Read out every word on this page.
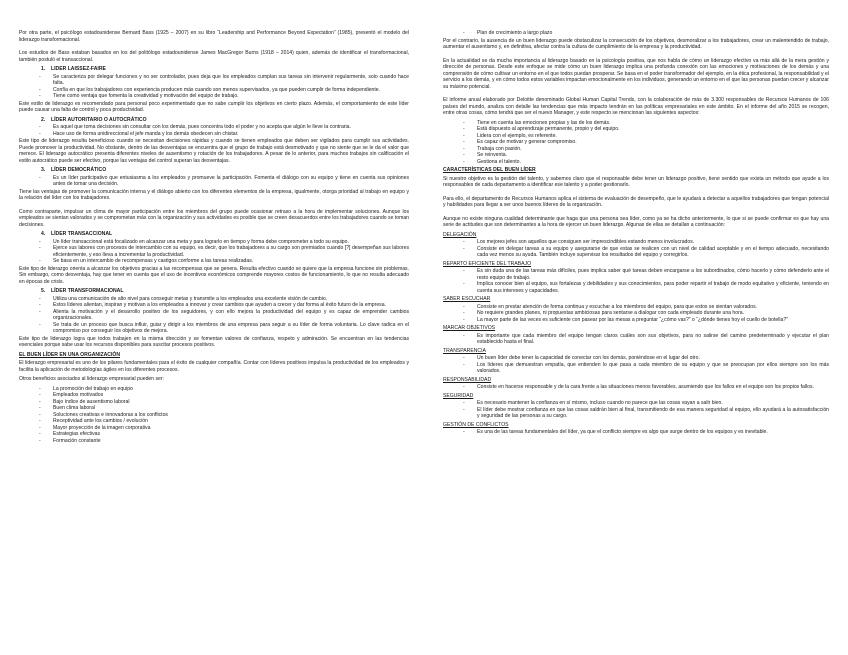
Por otra parte, el psicólogo estadounidense Bernard Bass (1925 – 2007) en su libro “Leadership and Performance Beyond Expectation” (1985), presentó el modelo del liderazgo transformacional.

Los estudios de Bass estaban basados en los del politólogo estadounidense James MacGregor Burns (1918 – 2014) quien, además de identificar el transformacional, también postuló el transaccional.

1. LIDER LAISSEZ-FAIRE
- Se caracteriza por delegar funciones y no ser controlador, pues deja que los empleados cumplan sus tareas sin intervenir regularmente, solo cuando hace falta.
- Confía en que los trabajadores con experiencia producen más cuando son menos supervisados, ya que pueden cumplir de forma independiente.
- Tiene como ventaja que fomenta la creatividad y motivación del equipo de trabajo.

Este estilo de liderazgo es recomendado para personal poco experimentado que no sabe cumplir los objetivos en cierto plazo. Además, el comportamiento de este líder puede causar una falta de control y poca productividad.

2. LÍDER AUTORITARIO O AUTOCRÁTICO
- Es aquel que toma decisiones sin consultar con los demás, pues concentra todo el poder y no acepta que algún le lleve la contraria.
- Hace uso de forma unidireccional el jefe manda y los demás obedecen sin chistar.

Este tipo de liderazgo resulta beneficioso cuando se necesitan decisiones rápidas y cuando se tienen empleados que deben ser vigilados para cumplir sus actividades. Puede promover la productividad. No obstante, dentro de las desventajas se encuentra que el grupo de trabajo está desmotivado y que no siente que se le da el valor que merece. El liderazgo autocrático presenta diferentes niveles de ausentismo y rotación de los trabajadores. A pesar de lo anterior, para muchos trabajos sin calificación el estilo autocrático puede ser efectivo, porque las ventajas del control superan las desventajas.

3. LÍDER DEMOCRÁTICO
- Es un líder participativo que entusiasma a los empleados y promueve la participación. Fomenta el diálogo con su equipo y tiene en cuenta sus opiniones antes de tomar una decisión.

Tiene las ventajas de promover la comunicación interna y el diálogo abierto con los diferentes elementos de la empresa, igualmente, otorga prioridad al trabajo en equipo y la relación del líder con los trabajadores.

Como contraparte, impulsar un clima de mayor participación entre los miembros del grupo puede ocasionar retraso a la hora de implementar soluciones. Aunque los empleados se sientan valorados y se comprometan más con la organización y sus actividades es posible que se creen desacuerdos entre los trabajadores cuando se toman decisiones.

4. LÍDER TRANSACCIONAL
- Un líder transaccional está focalizado en alcanzar una meta y para lograrlo en tiempo y forma debe comprometer a todo su equipo.
- Ejerce sus labores con procesos de intercambio con su equipo, es decir, que los trabajadores a su cargo son premiados cuando [?] desempeñan sus labores eficientemente, y eso lleva a incrementar la productividad.
- Se basa en un intercambio de recompensas y castigos conforme a las tareas realizadas.

Este tipo de liderazgo orienta a alcanzar los objetivos gracias a las recompensas que se genera. Resulta efectivo cuando se quiere que la empresa funcione sin problemas. Sin embargo, como desventaja, hay que tener en cuenta que el uso de incentivos económicos comprende mayores costos de funcionamiento, lo que no resulta adecuado en épocas de crisis.

5. LÍDER TRANSFORMACIONAL
- Utiliza una comunicación de alto nivel para conseguir metas y transmite a los empleados una excelente visión de cambio.
- Estos líderes alientan, inspiran y motivan a los empleados a innovar y crear cambios que ayuden a crecer y dar forma al éxito futuro de la empresa.
- Alienta la motivación y el desarrollo positivo de los seguidores, y con ello mejora la productividad del equipo y es capaz de emprender cambios organizacionales.
- Se trata de un proceso que busca influir, guiar y dirigir a los miembros de una empresa para seguir a su líder de forma voluntaria. Lo clave radica en el compromiso por conseguir los objetivos de mejora.

Este tipo de liderazgo logra que todos trabajen en la misma dirección y se fomentan valores de confianza, respeto y admiración. Se encuentran en las tendencias esenciales porque sabe usar los recursos disponibles para suscitar procesos positivos.

EL BUEN LÍDER EN UNA ORGANIZACIÓN

El liderazgo empresarial es uno de los pilares fundamentales para el éxito de cualquier compañía. Contar con líderes positivos impulsa la productividad de los empleados y facilita la aplicación de metodologías ágiles en los diferentes procesos.

Otros beneficios asociados al liderazgo empresarial pueden ser:

- La promoción del trabajo en equipo
- Empleados motivados
- Bajo índice de ausentismo laboral
- Buen clima laboral
- Soluciones creativas e innovadoras a los conflictos
- Receptividad ante los cambios / evolución
- Mayor proyección de la imagen corporativa
- Estrategias efectivas
- Formación constante
- Plan de crecimiento a largo plazo

Por el contrario, la ausencia de un buen liderazgo puede obstaculizar la consecución de los objetivos, desmoralizar a los trabajadores, crear un malentendido de trabajo, aumentar el ausentismo y, en definitiva, afectar contra la cultura de cumplimiento de la empresa y la productividad.

En la actualidad se da mucha importancia al liderazgo basado en la psicología positiva, que nos habla de cómo un liderazgo efectivo va más allá de la mera gestión y dirección de personas. Desde este enfoque se mide cómo un buen liderazgo implica una profunda conexión con las emociones y motivaciones de los demás y una comprensión de cómo cultivar un entorno en el que todos puedan prosperar. Se basa en el poder transformador del ejemplo, en la ética profesional, la responsabilidad y el servicio a los demás, y en cómo todos estos variables impactan emocionalmente en los individuos, generando un entorno en el que las personas puedan crecer y alcanzar su máximo potencial.

El informe anual elaborado por Deloitte denominado Global Human Capital Trends, con la colaboración de más de 3.300 responsables de Recursos Humanos de 106 países del mundo, analiza con detalle las tendencias que más impacto tendrán en las políticas empresariales en este ámbito. En el informe del año 2015 se recogen, entre otras cosas, cómo tendrá que ser el nuevo Manager, y este respecto se mencionan las siguientes aspectos:

- Tiene en cuenta las emociones propias y las de los demás.
- Está dispuesto al aprendizaje permanente, propio y del equipo.
- Lidera con el ejemplo, es referente.
- Es capaz de motivar y generar compromiso.
- Trabaja con pasión.
- Se reinventa.
- Gestiona el talento.
CARACTERÍSTICAS DEL BUEN LÍDER

Si nuestro objetivo es la gestión del talento, y sabemos claro que el responsable debe tener un liderazgo positivo, tiene sentido que exista un método que ayude a los responsables de cada departamento a identificar ese talento y a poder gestionarlo.

Para ello, el departamento de Recursos Humanos aplica el sistema de evaluación de desempeño, que le ayudará a detectar a aquellos trabajadores que tengan potencial y habilidades para llegar a ser unos buenos líderes de la organización.

Aunque no existe ninguna cualidad determinante que haga que una persona sea líder, como ya se ha dicho anteriormente, lo que si se puede confirmar es que hay una serie de actitudes que son determinantes a la hora de ejercer un buen liderazgo. Algunas de ellas se detallan a continuación:

DELEGACIÓN
- Los mejores jefes son aquellos que consiguen ser imprescindibles estando menos involucrados.
- Consiste en delegar tareas a su equipo y asegurarse de que estas se realicen con un nivel de calidad aceptable y en el tiempo adecuado, necesitando cada vez menos su ayuda. También incluye supervisar los resultados del equipo y corregirlos.
REPARTO EFICIENTE DEL TRABAJO
- Es sin duda una de las tareas más difíciles, pues implica saber qué tareas deben encargarse a los subordinados, cómo hacerlo y cómo defenderlo ante el resto equipo de trabajo.
- Implica conocer bien al equipo, sus fortalezas y debilidades y sus conocimientos, para poder repartir el trabajo de modo equitativo y eficiente, teniendo en cuenta sus intereses y capacidades.
SABER ESCUCHAR
- Consiste en prestar atención de forma continua y escuchar a los miembros del equipo, para que estos se sientan valorados.
- No requiere grandes planes, ni propuestas ambiciosas para sentarse a dialogar con cada empleado durante una hora.
- La mayor parte de las veces es suficiente con pasear por las mesas a preguntar “¿cómo vas?” o “¿dónde tienes hoy el cuello de botella?”
MARCAR OBJETIVOS
- Es importante que cada miembro del equipo tengan claros cuáles son sus objetivos, para no salirse del camino predeterminado y ejecutar el plan establecido hasta el final.
TRANSPARENCIA
- Un buen líder debe tener la capacidad de conectar con los demás, poniéndose en el lugar del otro.
- Los líderes que demuestran empatía, que entienden lo que pasa a cada miembro de su equipo y que se preocupan por ellos siempre son los más valorados.
RESPONSABILIDAD
- Consiste en hacerse responsable y de la cara frente a las situaciones menos favorables, asumiendo que los fallos en el equipo son los propios fallos.
SEGURIDAD
- Es necesario mantener la confianza en sí mismo, incluso cuando no parece que las cosas vayan a salir bien.
- El líder debe mostrar confianza en que las cosas saldrán bien al final, transmitiendo de esa manera seguridad al equipo, ello ayudará a la autosatisfacción y seguridad de las personas a su cargo.
GESTIÓN DE CONFLICTOS
- Es una de las tareas fundamentales del líder, ya que el conflicto siempre es algo que surge dentro de los equipos y es inevitable.
